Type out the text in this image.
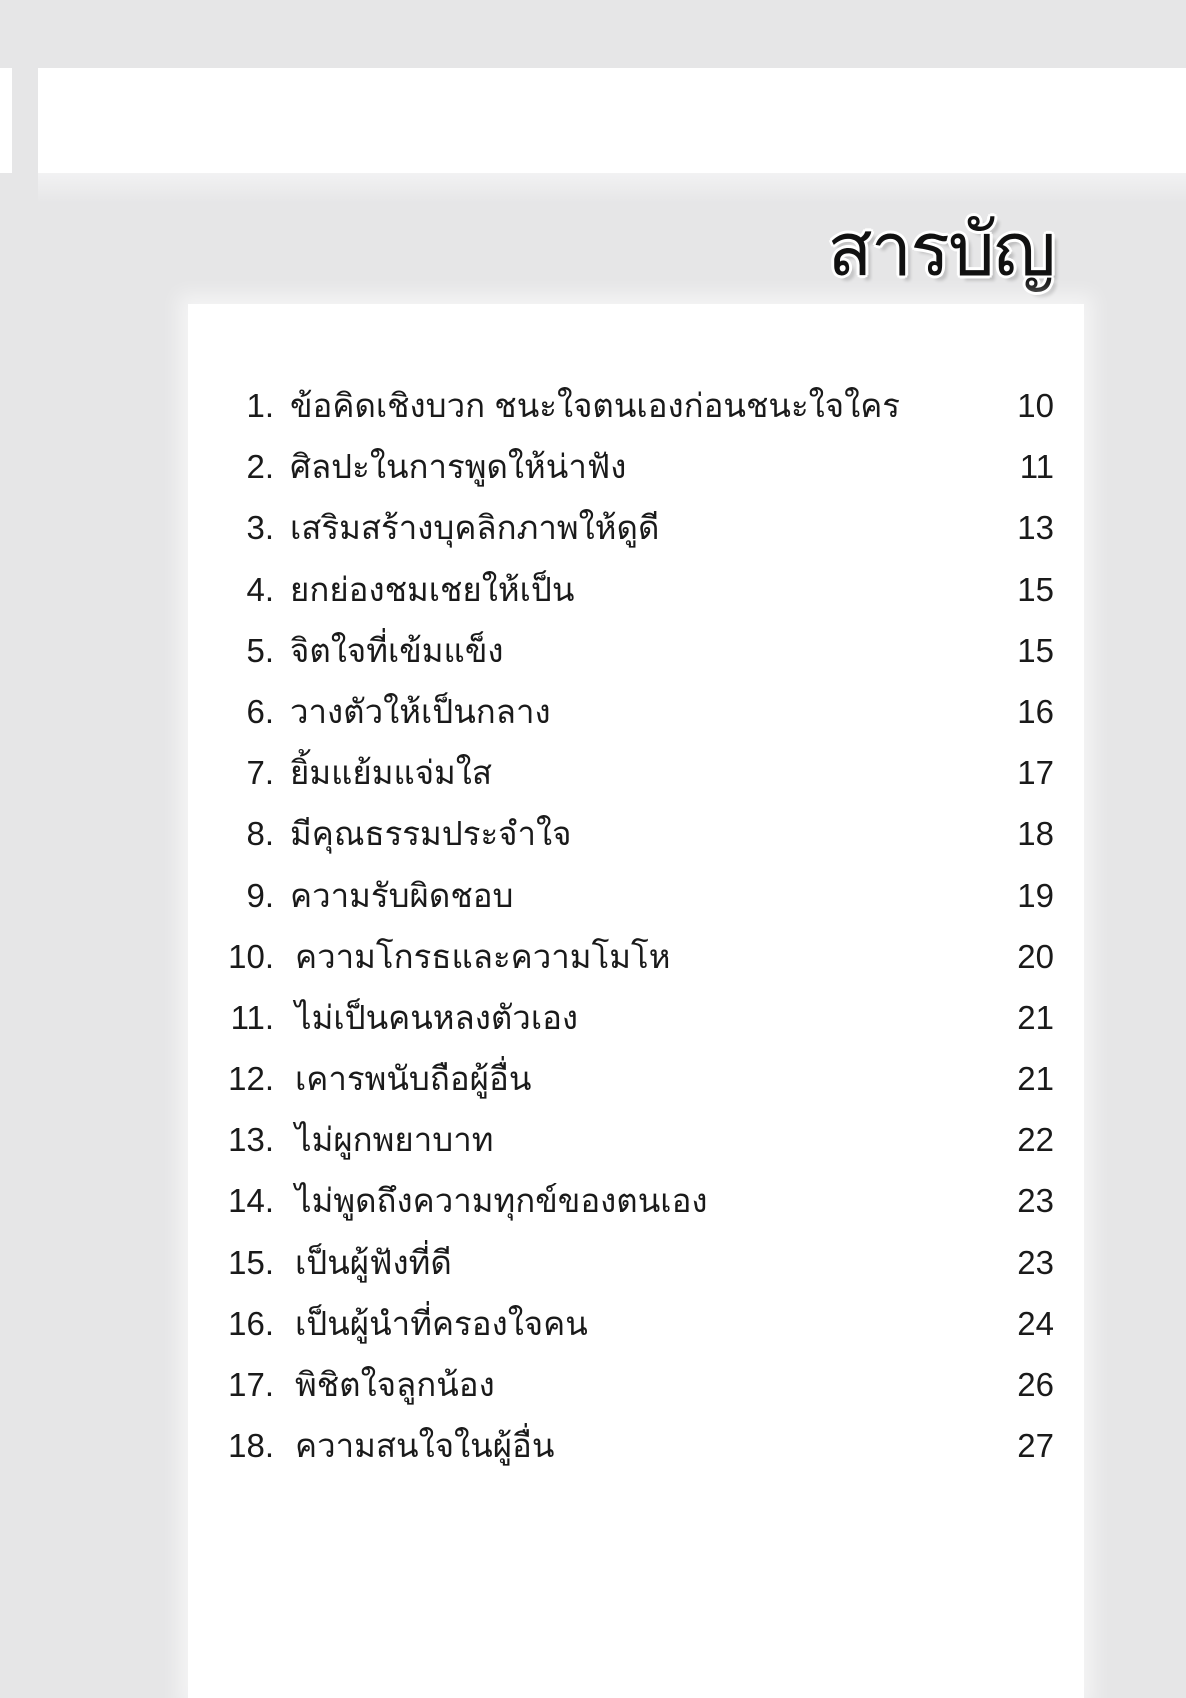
สารบัญ
1. ข้อคิดเชิงบวก ชนะใจตนเองก่อนชนะใจใคร	10
2. ศิลปะในการพูดให้น่าฟัง	11
3. เสริมสร้างบุคลิกภาพให้ดูดี	13
4. ยกย่องชมเชยให้เป็น	15
5. จิตใจที่เข้มแข็ง	15
6. วางตัวให้เป็นกลาง	16
7. ยิ้มแย้มแจ่มใส	17
8. มีคุณธรรมประจำใจ	18
9. ความรับผิดชอบ	19
10. ความโกรธและความโมโห	20
11. ไม่เป็นคนหลงตัวเอง	21
12. เคารพนับถือผู้อื่น	21
13. ไม่ผูกพยาบาท	22
14. ไม่พูดถึงความทุกข์ของตนเอง	23
15. เป็นผู้ฟังที่ดี	23
16. เป็นผู้นำที่ครองใจคน	24
17. พิชิตใจลูกน้อง	26
18. ความสนใจในผู้อื่น	27
